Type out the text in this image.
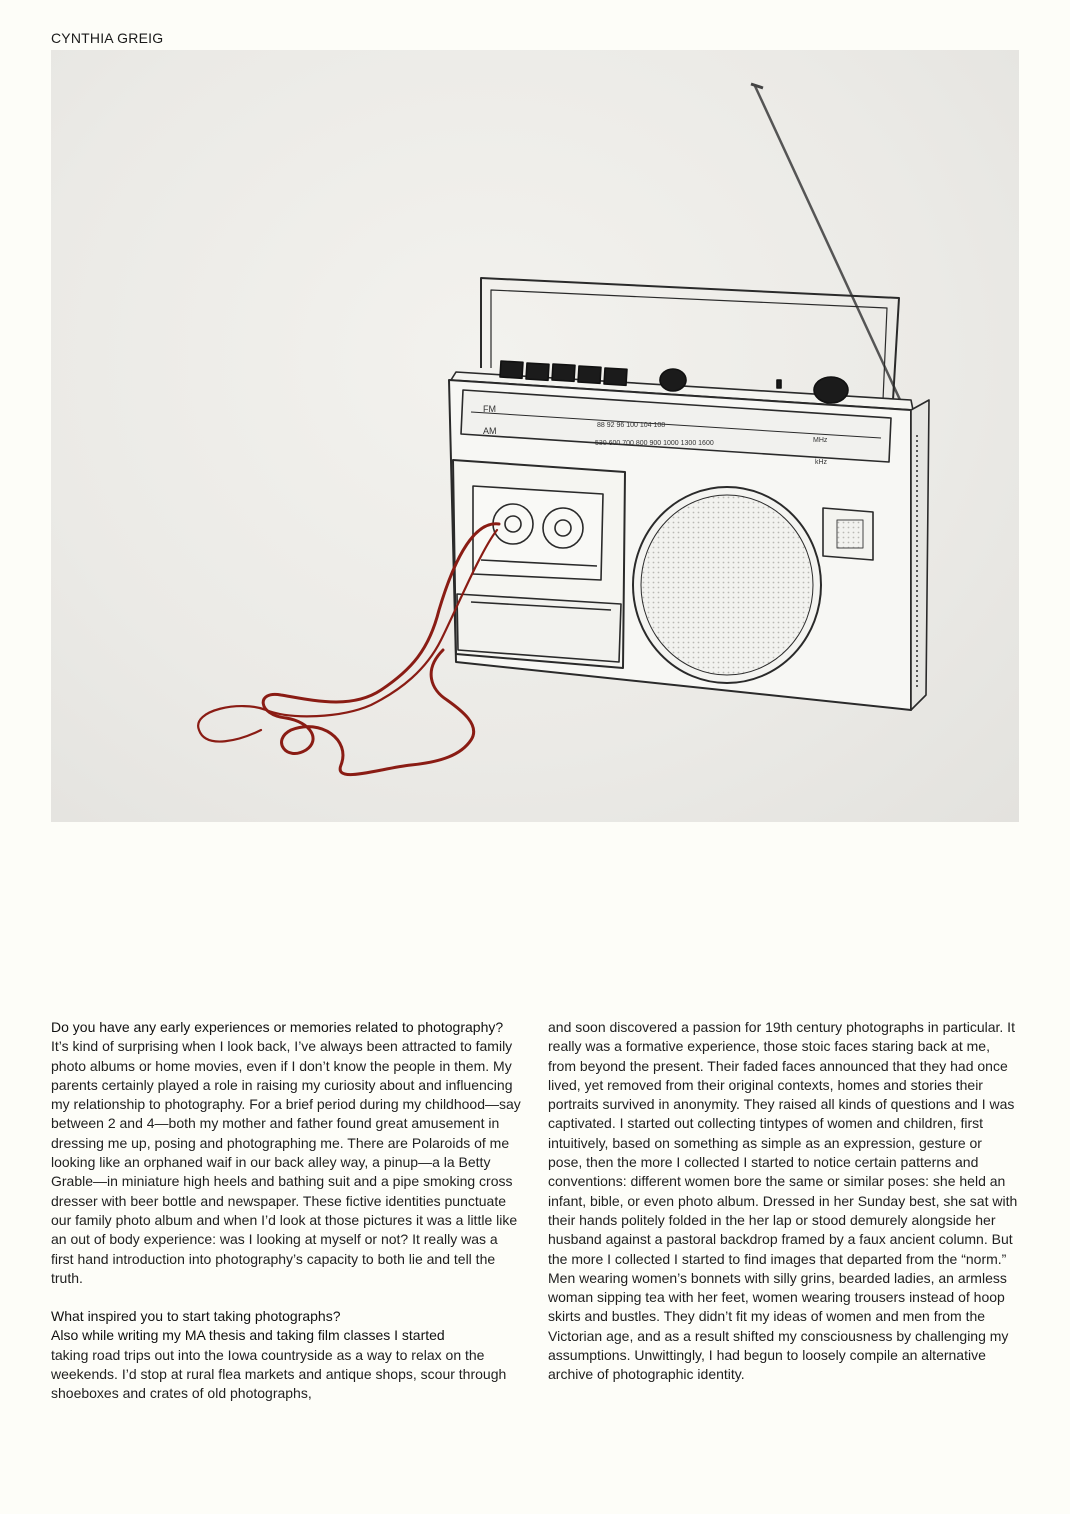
CYNTHIA GREIG
FM
AM
88 92 96 100 104 108
530 600 700 800 900 1000 1300 1600	MHz
kHz

Do you have any early experiences or memories related to photography?

It’s kind of surprising when I look back, I’ve always been attracted to family photo albums or home movies, even if I don’t know the people in them. My parents certainly played a role in raising my curiosity about and influencing my relationship to photography. For a brief period during my childhood—say between 2 and 4—both my mother and father found great amusement in dressing me up, posing and photographing me. There are Polaroids of me looking like an orphaned waif in our back alley way, a pinup—a la Betty Grable—in miniature high heels and bathing suit and a pipe smoking cross dresser with beer bottle and newspaper. These fictive identities punctuate our family photo album and when I’d look at those pictures it was a little like an out of body experience: was I looking at myself or not? It really was a first hand introduction into photography’s capacity to both lie and tell the truth.

What inspired you to start taking photographs?

Also while writing my MA thesis and taking film classes I started

taking road trips out into the Iowa countryside as a way to relax on the weekends. I’d stop at rural flea markets and antique shops, scour through shoeboxes and crates of old photographs,

and soon discovered a passion for 19th century photographs in particular. It really was a formative experience, those stoic faces staring back at me, from beyond the present. Their faded faces announced that they had once lived, yet removed from their original contexts, homes and stories their portraits survived in anonymity. They raised all kinds of questions and I was captivated. I started out collecting tintypes of women and children, first intuitively, based on something as simple as an expression, gesture or pose, then the more I collected I started to notice certain patterns and conventions: different women bore the same or similar poses: she held an infant, bible, or even photo album. Dressed in her Sunday best, she sat with their hands politely folded in the her lap or stood demurely alongside her husband against a pastoral backdrop framed by a faux ancient column. But the more I collected I started to find images that departed from the “norm.” Men wearing women’s bonnets with silly grins, bearded ladies, an armless woman sipping tea with her feet, women wearing trousers instead of hoop skirts and bustles. They didn’t fit my ideas of women and men from the Victorian age, and as a result shifted my consciousness by challenging my assumptions. Unwittingly, I had begun to loosely compile an alternative archive of photographic identity.
